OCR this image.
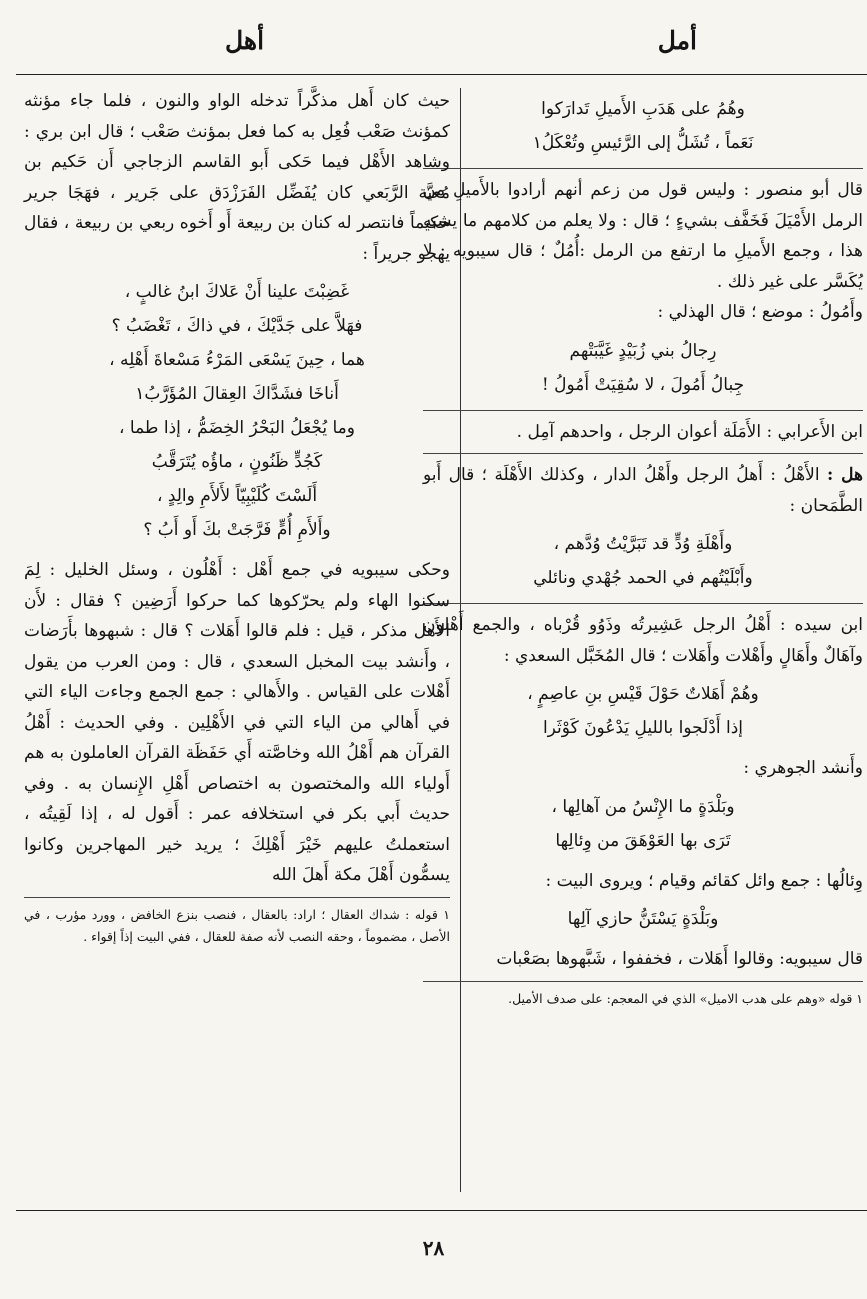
أمل
أهل
وهُمُ على هَدَبِ الأَميلِ تَدارَكوا
نَعَماً ، تُشَلُّ إلى الرَّئيسِ وتُعْكَلُ١

قال أبو منصور : وليس قول من زعم أنهم أرادوا بالأَميلِ من الرمل الأَمْيَلَ فَخَفَّف بشيءٍ ؛ قال : ولا يعلم من كلامهم ما يشبه هذا ، وجمع الأَميلِ ما ارتفع من الرمل :أُمُلٌ ؛ قال سيبويه : لا يُكَسَّر على غير ذلك .

وأَمُولُ : موضع ؛ قال الهذلي :

رِجالُ بني زُبَيْدٍ غَيَّبَتْهم
جِبالُ أَمُولَ ، لا سُقِيَتْ أَمُولُ !

ابن الأَعرابي : الأَمَلَة أعوان الرجل ، واحدهم آمِل .

هل : الأَهْلُ : أَهلُ الرجل وأَهْلُ الدار ، وكذلك الأَهْلَة ؛ قال أَبو الطَّمَحان :

وأَهْلَةِ وُدٍّ قد تَبَرَّيْتُ وُدَّهم ،
وأَبْلَيْتُهم في الحمد جُهْدي ونائلي

ابن سيده : أَهْلُ الرجل عَشِيرتُه وذَوُو قُرْباه ، والجمع أَهْلون وآهَالٌ وأَهَالٍ وأَهْلات وأَهَلات ؛ قال المُخَبَّل السعدي :

وهُمْ أَهَلاتٌ حَوْلَ قَيْسِ بنِ عاصِمٍ ،
إذا أَدْلَجوا بالليلِ يَدْعُونَ كَوْثَرا

وأَنشد الجوهري :

وبَلْدَةٍ ما الإِنْسُ من آهالِها ،
تَرَى بها العَوْهَقَ من وِئالِها

وِئالُها : جمع وائل كقائم وقيام ؛ ويروى البيت :

وبَلْدَةٍ يَسْتَنُّ حازي آلِها

قال سيبويه: وقالوا أَهَلات ، فخففوا ، شَبَّهوها بصَعْبات

١ قوله «وهم على هدب الاميل» الذي في المعجم: على صدف الأميل.

حيث كان أَهل مذكَّراً تدخله الواو والنون ، فلما جاء مؤنثه كمؤنث صَعْب فُعِل به كما فعل بمؤنث صَعْب ؛ قال ابن بري : وشاهد الأَهْل فيما حَكى أَبو القاسم الزجاجي أَن حَكيم بن مُعيَّة الرَّبَعي كان يُفَضِّل الفَرَزْدَق على جَرير ، فهَجَا جرير حكيماً فانتصر له كنان بن ربيعة أَو أَخوه ربعي بن ربيعة ، فقال يهجو جريراً :

غَضِبْتَ علينا أَنْ عَلاكَ ابنُ غالبٍ ،
فهَلاَّ على جَدَّيْكَ ، في ذاكَ ، تَغْضَبُ ؟
هما ، حِينَ يَسْعَى المَرْءُ مَسْعاةَ أَهْلِه ،
أَناخَا فشَدَّاكَ العِقالَ المُؤَرَّبُ١
وما يُجْعَلُ البَحْرُ الخِضَمُّ ، إذا طما ،
كَجُدٍّ ظَنُونٍ ، ماؤُه يُتَرَقَّبُ
أَلَسْتَ كُلَيْبِيّاً لأَلأَمِ والِدٍ ،
وأَلأَمِ أُمٍّ فَرَّجَتْ بكَ أَو أَبُ ؟

وحكى سيبويه في جمع أَهْل : أَهْلُون ، وسئل الخليل : لِمَ سكنوا الهاء ولم يحرّكوها كما حركوا أَرَضِين ؟ فقال : لأَن الأَهل مذكر ، قيل : فلم قالوا أَهَلات ؟ قال : شبهوها بأَرَضات ، وأَنشد بيت المخبل السعدي ، قال : ومن العرب من يقول أَهْلات على القياس . والأَهالي : جمع الجمع وجاءت الياء التي في أَهالي من الياء التي في الأَهْلِين . وفي الحديث : أَهْلُ القرآن هم أَهْلُ الله وخاصَّته أَي حَفَظَة القرآن العاملون به هم أَولياء الله والمختصون به اختصاص أَهْلِ الإِنسان به . وفي حديث أَبي بكر في استخلافه عمر : أَقول له ، إذا لَقِيتُه ، استعملتُ عليهم خَيْرَ أَهْلِكَ ؛ يريد خير المهاجرين وكانوا يسمُّون أَهْلَ مكة أَهلَ الله

١ قوله : شداك العقال ؛ اراد: بالعقال ، فنصب بنزع الخافض ، وورد مؤرب ، في الأصل ، مضموماً ، وحقه النصب لأنه صفة للعقال ، ففي البيت إذاً إقواء .
٢٨
